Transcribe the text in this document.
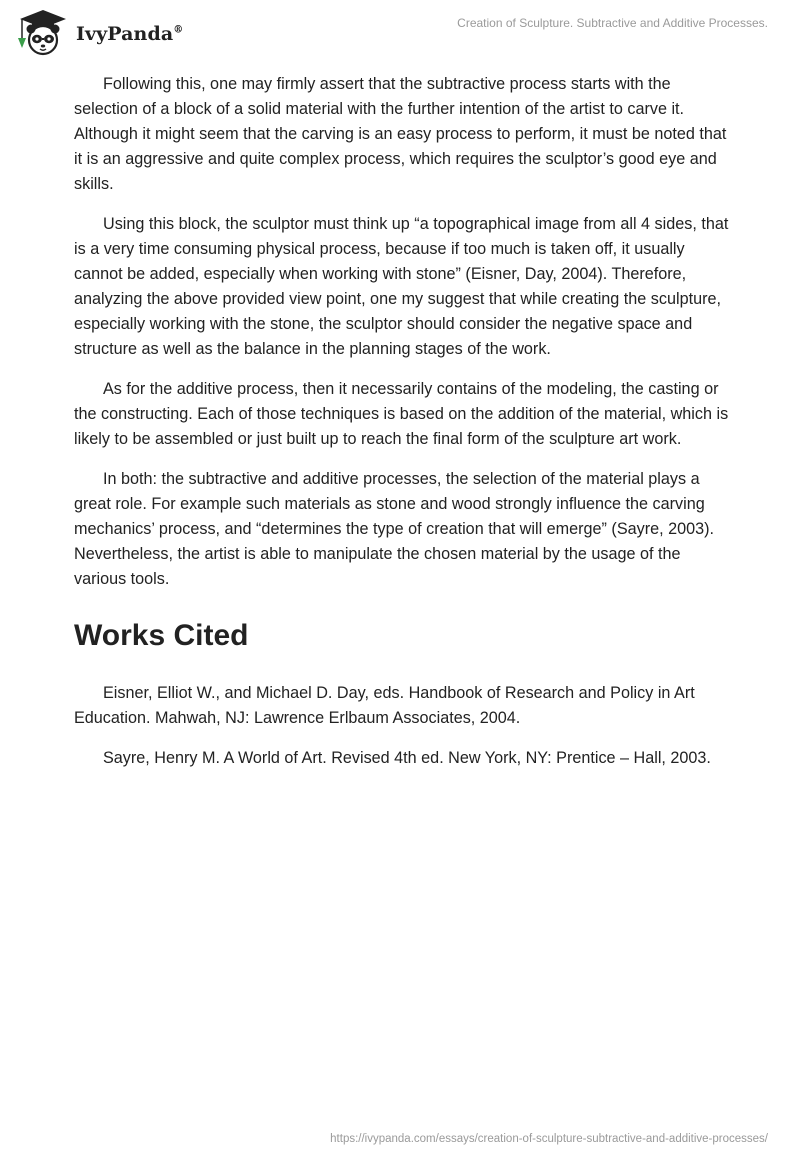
IvyPanda®
Creation of Sculpture. Subtractive and Additive Processes.

Following this, one may firmly assert that the subtractive process starts with the selection of a block of a solid material with the further intention of the artist to carve it. Although it might seem that the carving is an easy process to perform, it must be noted that it is an aggressive and quite complex process, which requires the sculptor’s good eye and skills.

Using this block, the sculptor must think up “a topographical image from all 4 sides, that is a very time consuming physical process, because if too much is taken off, it usually cannot be added, especially when working with stone” (Eisner, Day, 2004). Therefore, analyzing the above provided view point, one my suggest that while creating the sculpture, especially working with the stone, the sculptor should consider the negative space and structure as well as the balance in the planning stages of the work.

As for the additive process, then it necessarily contains of the modeling, the casting or the constructing. Each of those techniques is based on the addition of the material, which is likely to be assembled or just built up to reach the final form of the sculpture art work.

In both: the subtractive and additive processes, the selection of the material plays a great role. For example such materials as stone and wood strongly influence the carving mechanics’ process, and “determines the type of creation that will emerge” (Sayre, 2003). Nevertheless, the artist is able to manipulate the chosen material by the usage of the various tools.

Works Cited

Eisner, Elliot W., and Michael D. Day, eds. Handbook of Research and Policy in Art Education. Mahwah, NJ: Lawrence Erlbaum Associates, 2004.

Sayre, Henry M. A World of Art. Revised 4th ed. New York, NY: Prentice – Hall, 2003.

https://ivypanda.com/essays/creation-of-sculpture-subtractive-and-additive-processes/
